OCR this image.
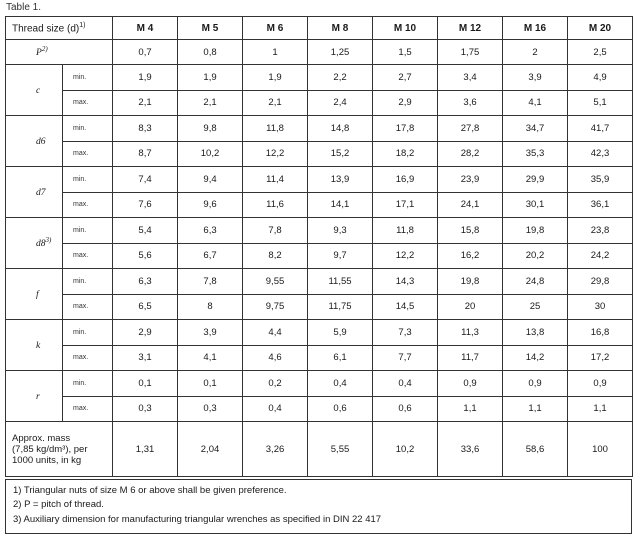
Table 1.
Thread size $(d)^{1)}$		M 4	M 5	M 6	M 8	M 10	M 12	M 16	M 20
$P^{2)}$		0,7	0,8	1	1,25	1,5	1,75	2	2,5
c	min.	1,9	1,9	1,9	2,2	2,7	3,4	3,9	4,9
	max.	2,1	2,1	2,1	2,4	2,9	3,6	4,1	5,1
d6	min.	8,3	9,8	11,8	14,8	17,8	27,8	34,7	41,7
	max.	8,7	10,2	12,2	15,2	18,2	28,2	35,3	42,3
d7	min.	7,4	9,4	11,4	13,9	16,9	23,9	29,9	35,9
	max.	7,6	9,6	11,6	14,1	17,1	24,1	30,1	36,1
d8$^{3)}$	min.	5,4	6,3	7,8	9,3	11,8	15,8	19,8	23,8
	max.	5,6	6,7	8,2	9,7	12,2	16,2	20,2	24,2
f	min.	6,3	7,8	9,55	11,55	14,3	19,8	24,8	29,8
	max.	6,5	8	9,75	11,75	14,5	20	25	30
k	min.	2,9	3,9	4,4	5,9	7,3	11,3	13,8	16,8
	max.	3,1	4,1	4,6	6,1	7,7	11,7	14,2	17,2
r	min.	0,1	0,1	0,2	0,4	0,4	0,9	0,9	0,9
	max.	0,3	0,3	0,4	0,6	0,6	1,1	1,1	1,1

Approx. mass
(7,85 kg/dm³), per
1000 units, in kg		1,31	2,04	3,26	5,55	10,2	33,6	58,6	100
1) Triangular nuts of size M 6 or above shall be given preference.
2) P = pitch of thread.
3) Auxiliary dimension for manufacturing triangular wrenches as specified in DIN 22 417
